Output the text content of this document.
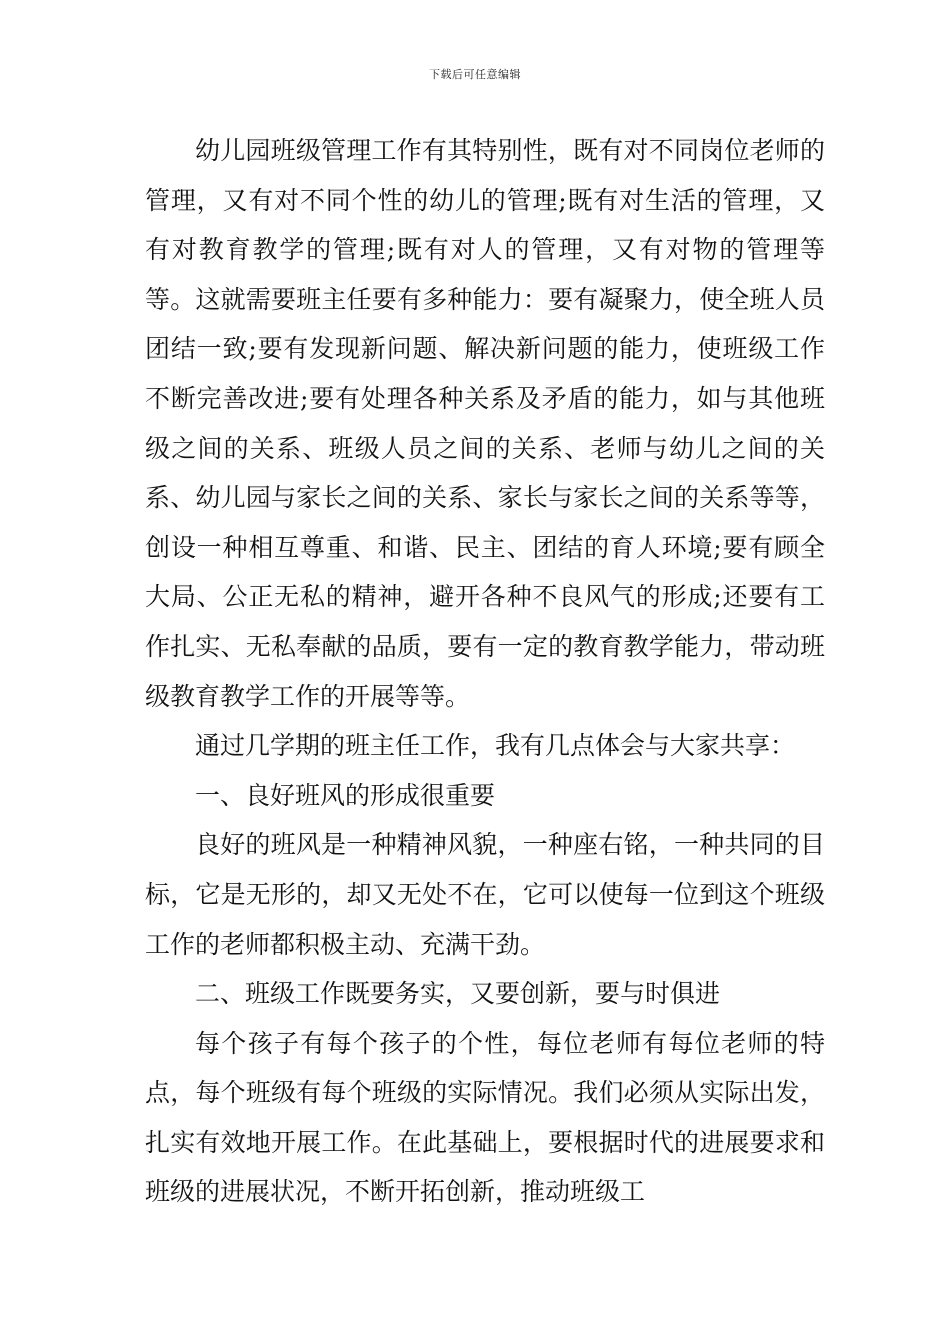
下载后可任意编辑

幼儿园班级管理工作有其特别性，既有对不同岗位老师的管理，又有对不同个性的幼儿的管理;既有对生活的管理，又有对教育教学的管理;既有对人的管理，又有对物的管理等等。这就需要班主任要有多种能力：要有凝聚力，使全班人员团结一致;要有发现新问题、解决新问题的能力，使班级工作不断完善改进;要有处理各种关系及矛盾的能力，如与其他班级之间的关系、班级人员之间的关系、老师与幼儿之间的关系、幼儿园与家长之间的关系、家长与家长之间的关系等等，创设一种相互尊重、和谐、民主、团结的育人环境;要有顾全大局、公正无私的精神，避开各种不良风气的形成;还要有工作扎实、无私奉献的品质，要有一定的教育教学能力，带动班级教育教学工作的开展等等。

通过几学期的班主任工作，我有几点体会与大家共享：

一、良好班风的形成很重要

良好的班风是一种精神风貌，一种座右铭，一种共同的目标，它是无形的，却又无处不在，它可以使每一位到这个班级工作的老师都积极主动、充满干劲。

二、班级工作既要务实，又要创新，要与时俱进

每个孩子有每个孩子的个性，每位老师有每位老师的特点，每个班级有每个班级的实际情况。我们必须从实际出发，扎实有效地开展工作。在此基础上，要根据时代的进展要求和班级的进展状况，不断开拓创新，推动班级工
